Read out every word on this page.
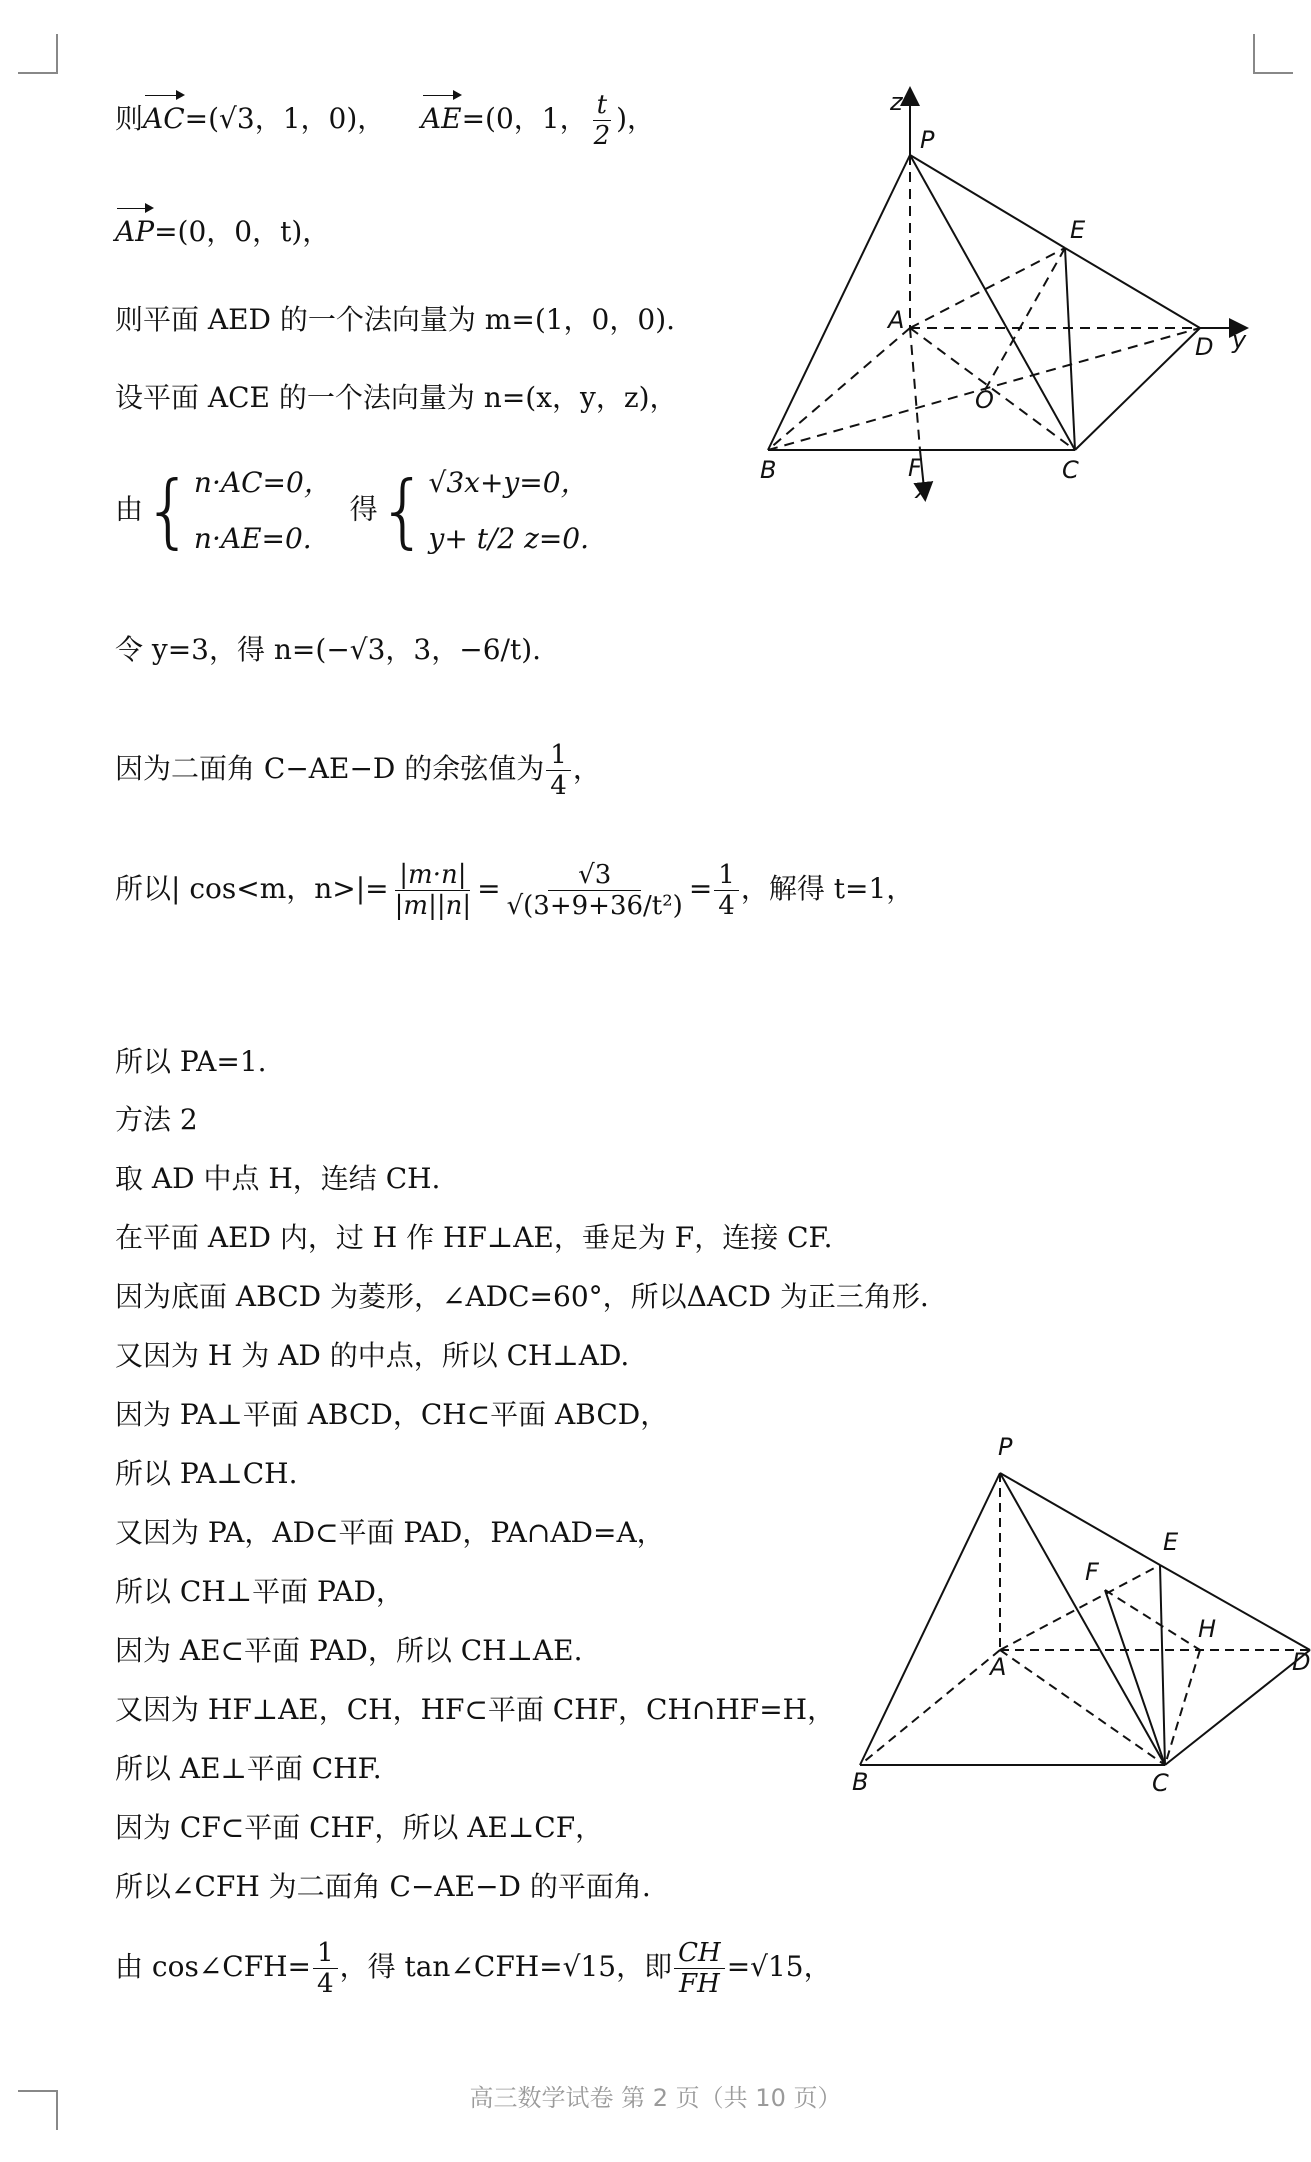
则AC=(√3，1，0)， AE=(0，1， $\frac{t}{2}$ )，
AP=(0，0，t)，
则平面 AED 的一个法向量为 m=(1，0，0).
设平面 ACE 的一个法向量为 n=(x，y，z)，
由{ n·AC=0，
n·AE=0.
得{ √3x+y=0，
y+ t/2 z=0.
令 y=3，得 n=(−√3，3，−6/t).
因为二面角 C−AE−D 的余弦值为 $\frac{1}{4}$ ，
所以| cos<m，$n>|= \frac{|m\cdot n|}{|m||n|} = \frac{√3}{\text{√(3+9+36/t²)}} = \frac{1}{4}$ ，解得 t=1，
所以 PA=1.
方法 2
取 AD 中点 H，连结 CH.
在平面 AED 内，过 H 作 HF⊥AE，垂足为 F，连接 CF.
因为底面 ABCD 为菱形，∠ADC=60°，所以ΔACD 为正三角形.
又因为 H 为 AD 的中点，所以 CH⊥AD.
因为 PA⊥平面 ABCD，CH⊂平面 ABCD，
所以 PA⊥CH.
又因为 PA，AD⊂平面 PAD，PA∩AD=A，
所以 CH⊥平面 PAD，
因为 AE⊂平面 PAD，所以 CH⊥AE.
又因为 HF⊥AE，CH，HF⊂平面 CHF，CH∩HF=H，
所以 AE⊥平面 CHF.
因为 CF⊂平面 CHF，所以 AE⊥CF，
所以∠CFH 为二面角 C−AE−D 的平面角.
由 cos∠CFH= $\frac{1}{4}$ ，得 tan∠CFH=√15，即 $\frac{CH}{FH} =√15$，
z
P
E
A
D y
O
B	F	C
x
P
E
F
H
A	D
B	C
高三数学试卷 第 2 页（共 10 页）
